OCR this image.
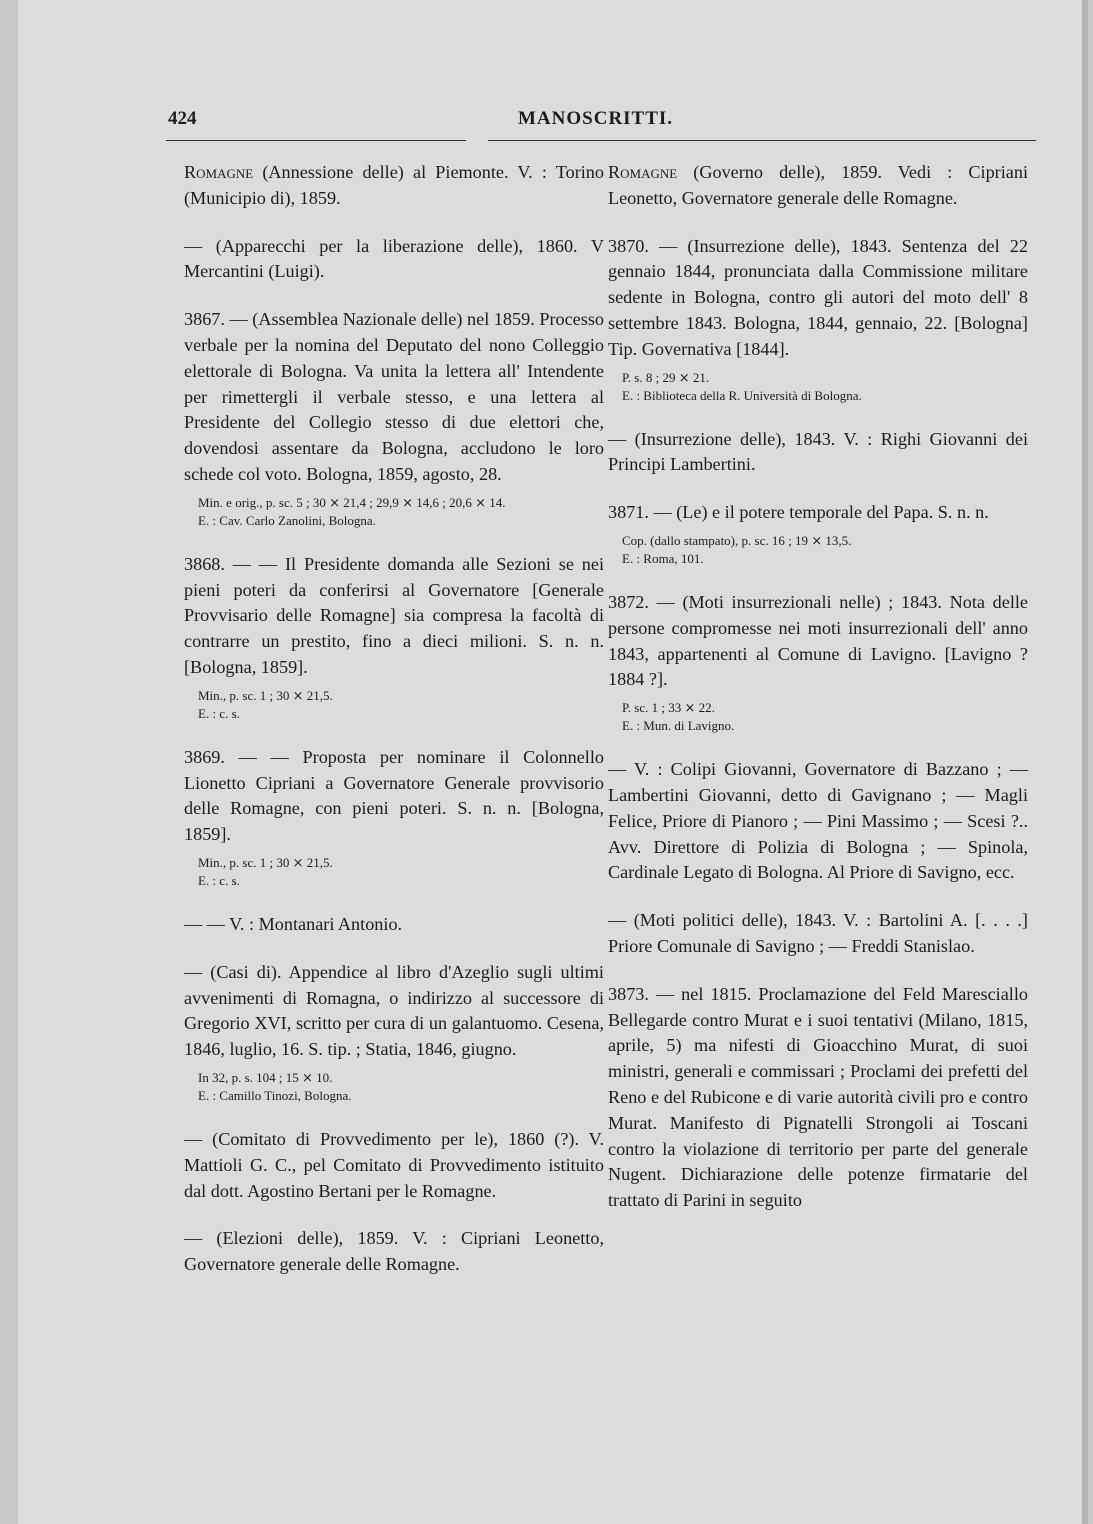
424	MANOSCRITTI.

Romagne (Annessione delle) al Piemonte. V. : Torino (Municipio di), 1859.

— (Apparecchi per la liberazione delle), 1860. V Mercantini (Luigi).

3867. — (Assemblea Nazionale delle) nel 1859. Processo verbale per la nomina del Deputato del nono Colleggio elettorale di Bologna. Va unita la lettera all' Intendente per rimettergli il verbale stesso, e una lettera al Presidente del Collegio stesso di due elettori che, dovendosi assentare da Bologna, accludono le loro schede col voto. Bologna, 1859, agosto, 28.

Min. e orig., p. sc. 5 ; 30 ⨯ 21,4 ; 29,9 ⨯ 14,6 ; 20,6 ⨯ 14.
E. : Cav. Carlo Zanolini, Bologna.

3868. — — Il Presidente domanda alle Sezioni se nei pieni poteri da conferirsi al Governatore [Generale Provvisario delle Romagne] sia compresa la facoltà di contrarre un prestito, fino a dieci milioni. S. n. n. [Bologna, 1859].

Min., p. sc. 1 ; 30 ⨯ 21,5.
E. : c. s.

3869. — — Proposta per nominare il Colonnello Lionetto Cipriani a Governatore Generale provvisorio delle Romagne, con pieni poteri. S. n. n. [Bologna, 1859].

Min., p. sc. 1 ; 30 ⨯ 21,5.
E. : c. s.

— — V. : Montanari Antonio.

— (Casi di). Appendice al libro d'Azeglio sugli ultimi avvenimenti di Romagna, o indirizzo al successore di Gregorio XVI, scritto per cura di un galantuomo. Cesena, 1846, luglio, 16. S. tip. ; Statia, 1846, giugno.

In 32, p. s. 104 ; 15 ⨯ 10.
E. : Camillo Tinozi, Bologna.

— (Comitato di Provvedimento per le), 1860 (?). V. Mattioli G. C., pel Comitato di Provvedimento istituito dal dott. Agostino Bertani per le Romagne.

— (Elezioni delle), 1859. V. : Cipriani Leonetto, Governatore generale delle Romagne.

Romagne (Governo delle), 1859. Vedi : Cipriani Leonetto, Governatore generale delle Romagne.

3870. — (Insurrezione delle), 1843. Sentenza del 22 gennaio 1844, pronunciata dalla Commissione militare sedente in Bologna, contro gli autori del moto dell' 8 settembre 1843. Bologna, 1844, gennaio, 22. [Bologna] Tip. Governativa [1844].

P. s. 8 ; 29 ⨯ 21.
E. : Biblioteca della R. Università di Bologna.

— (Insurrezione delle), 1843. V. : Righi Giovanni dei Principi Lambertini.

3871. — (Le) e il potere temporale del Papa. S. n. n.

Cop. (dallo stampato), p. sc. 16 ; 19 ⨯ 13,5.
E. : Roma, 101.

3872. — (Moti insurrezionali nelle) ; 1843. Nota delle persone compromesse nei moti insurrezionali dell' anno 1843, appartenenti al Comune di Lavigno. [Lavigno ? 1884 ?].

P. sc. 1 ; 33 ⨯ 22.
E. : Mun. di Lavigno.

— V. : Colipi Giovanni, Governatore di Bazzano ; — Lambertini Giovanni, detto di Gavignano ; — Magli Felice, Priore di Pianoro ; — Pini Massimo ; — Scesi ?.. Avv. Direttore di Polizia di Bologna ; — Spinola, Cardinale Legato di Bologna. Al Priore di Savigno, ecc.

— (Moti politici delle), 1843. V. : Bartolini A. [. . . .] Priore Comunale di Savigno ; — Freddi Stanislao.

3873. — nel 1815. Proclamazione del Feld Maresciallo Bellegarde contro Murat e i suoi tentativi (Milano, 1815, aprile, 5) ma nifesti di Gioacchino Murat, di suoi ministri, generali e commissari ; Proclami dei prefetti del Reno e del Rubicone e di varie autorità civili pro e contro Murat. Manifesto di Pignatelli Strongoli ai Toscani contro la violazione di territorio per parte del generale Nugent. Dichiarazione delle potenze firmatarie del trattato di Parini in seguito
